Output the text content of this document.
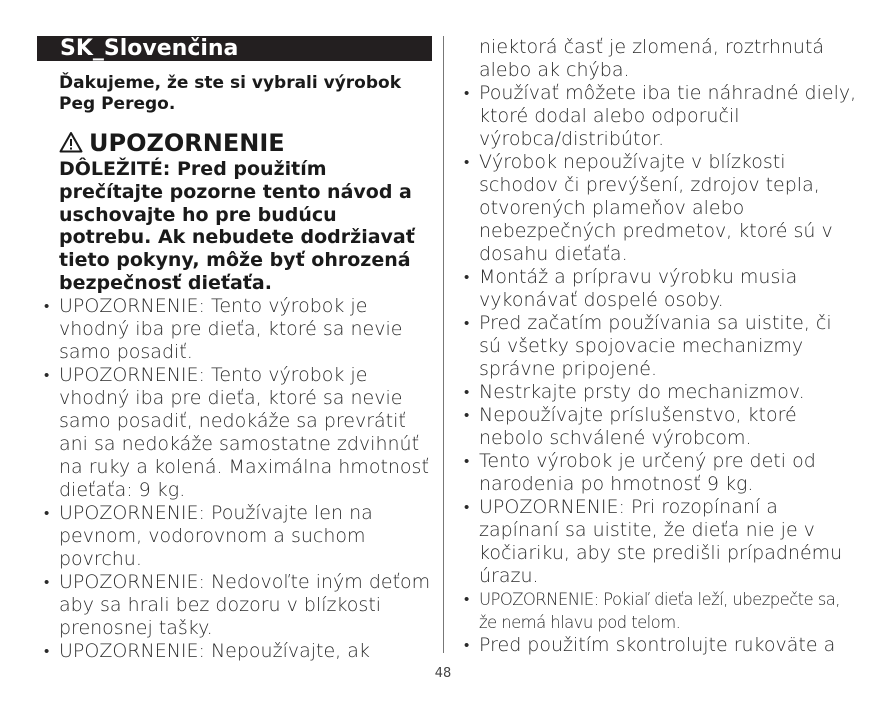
SK_Slovenčina
Ďakujeme, že ste si vybrali výrobok Peg Perego.
UPOZORNENIE
DÔLEŽITÉ: Pred použitím prečítajte pozorne tento návod a uschovajte ho pre budúcu potrebu. Ak nebudete dodržiavať tieto pokyny, môže byť ohrozená bezpečnosť dieťaťa.
• UPOZORNENIE: Tento výrobok je vhodný iba pre dieťa, ktoré sa nevie samo posadiť.
• UPOZORNENIE: Tento výrobok je vhodný iba pre dieťa, ktoré sa nevie samo posadiť, nedokáže sa prevrátiť ani sa nedokáže samostatne zdvihnúť na ruky a kolená. Maximálna hmotnosť dieťaťa: 9 kg.
• UPOZORNENIE: Používajte len na pevnom, vodorovnom a suchom povrchu.
• UPOZORNENIE: Nedovoľte iným deťom aby sa hrali bez dozoru v blízkosti prenosnej tašky.
• UPOZORNENIE: Nepoužívajte, ak
niektorá časť je zlomená, roztrhnutá alebo ak chýba.
• Používať môžete iba tie náhradné diely, ktoré dodal alebo odporučil výrobca/distribútor.
• Výrobok nepoužívajte v blízkosti schodov či prevýšení, zdrojov tepla, otvorených plameňov alebo nebezpečných predmetov, ktoré sú v dosahu dieťaťa.
• Montáž a prípravu výrobku musia vykonávať dospelé osoby.
• Pred začatím používania sa uistite, či sú všetky spojovacie mechanizmy správne pripojené.
• Nestrkajte prsty do mechanizmov.
• Nepoužívajte príslušenstvo, ktoré nebolo schválené výrobcom.
• Tento výrobok je určený pre deti od narodenia po hmotnosť 9 kg.
• UPOZORNENIE: Pri rozopínaní a zapínaní sa uistite, že dieťa nie je v kočiariku, aby ste predišli prípadnému úrazu.
• UPOZORNENIE: Pokiaľ dieťa leží, ubezpečte sa, že nemá hlavu pod telom.
• Pred použitím skontrolujte rukoväte a
48
